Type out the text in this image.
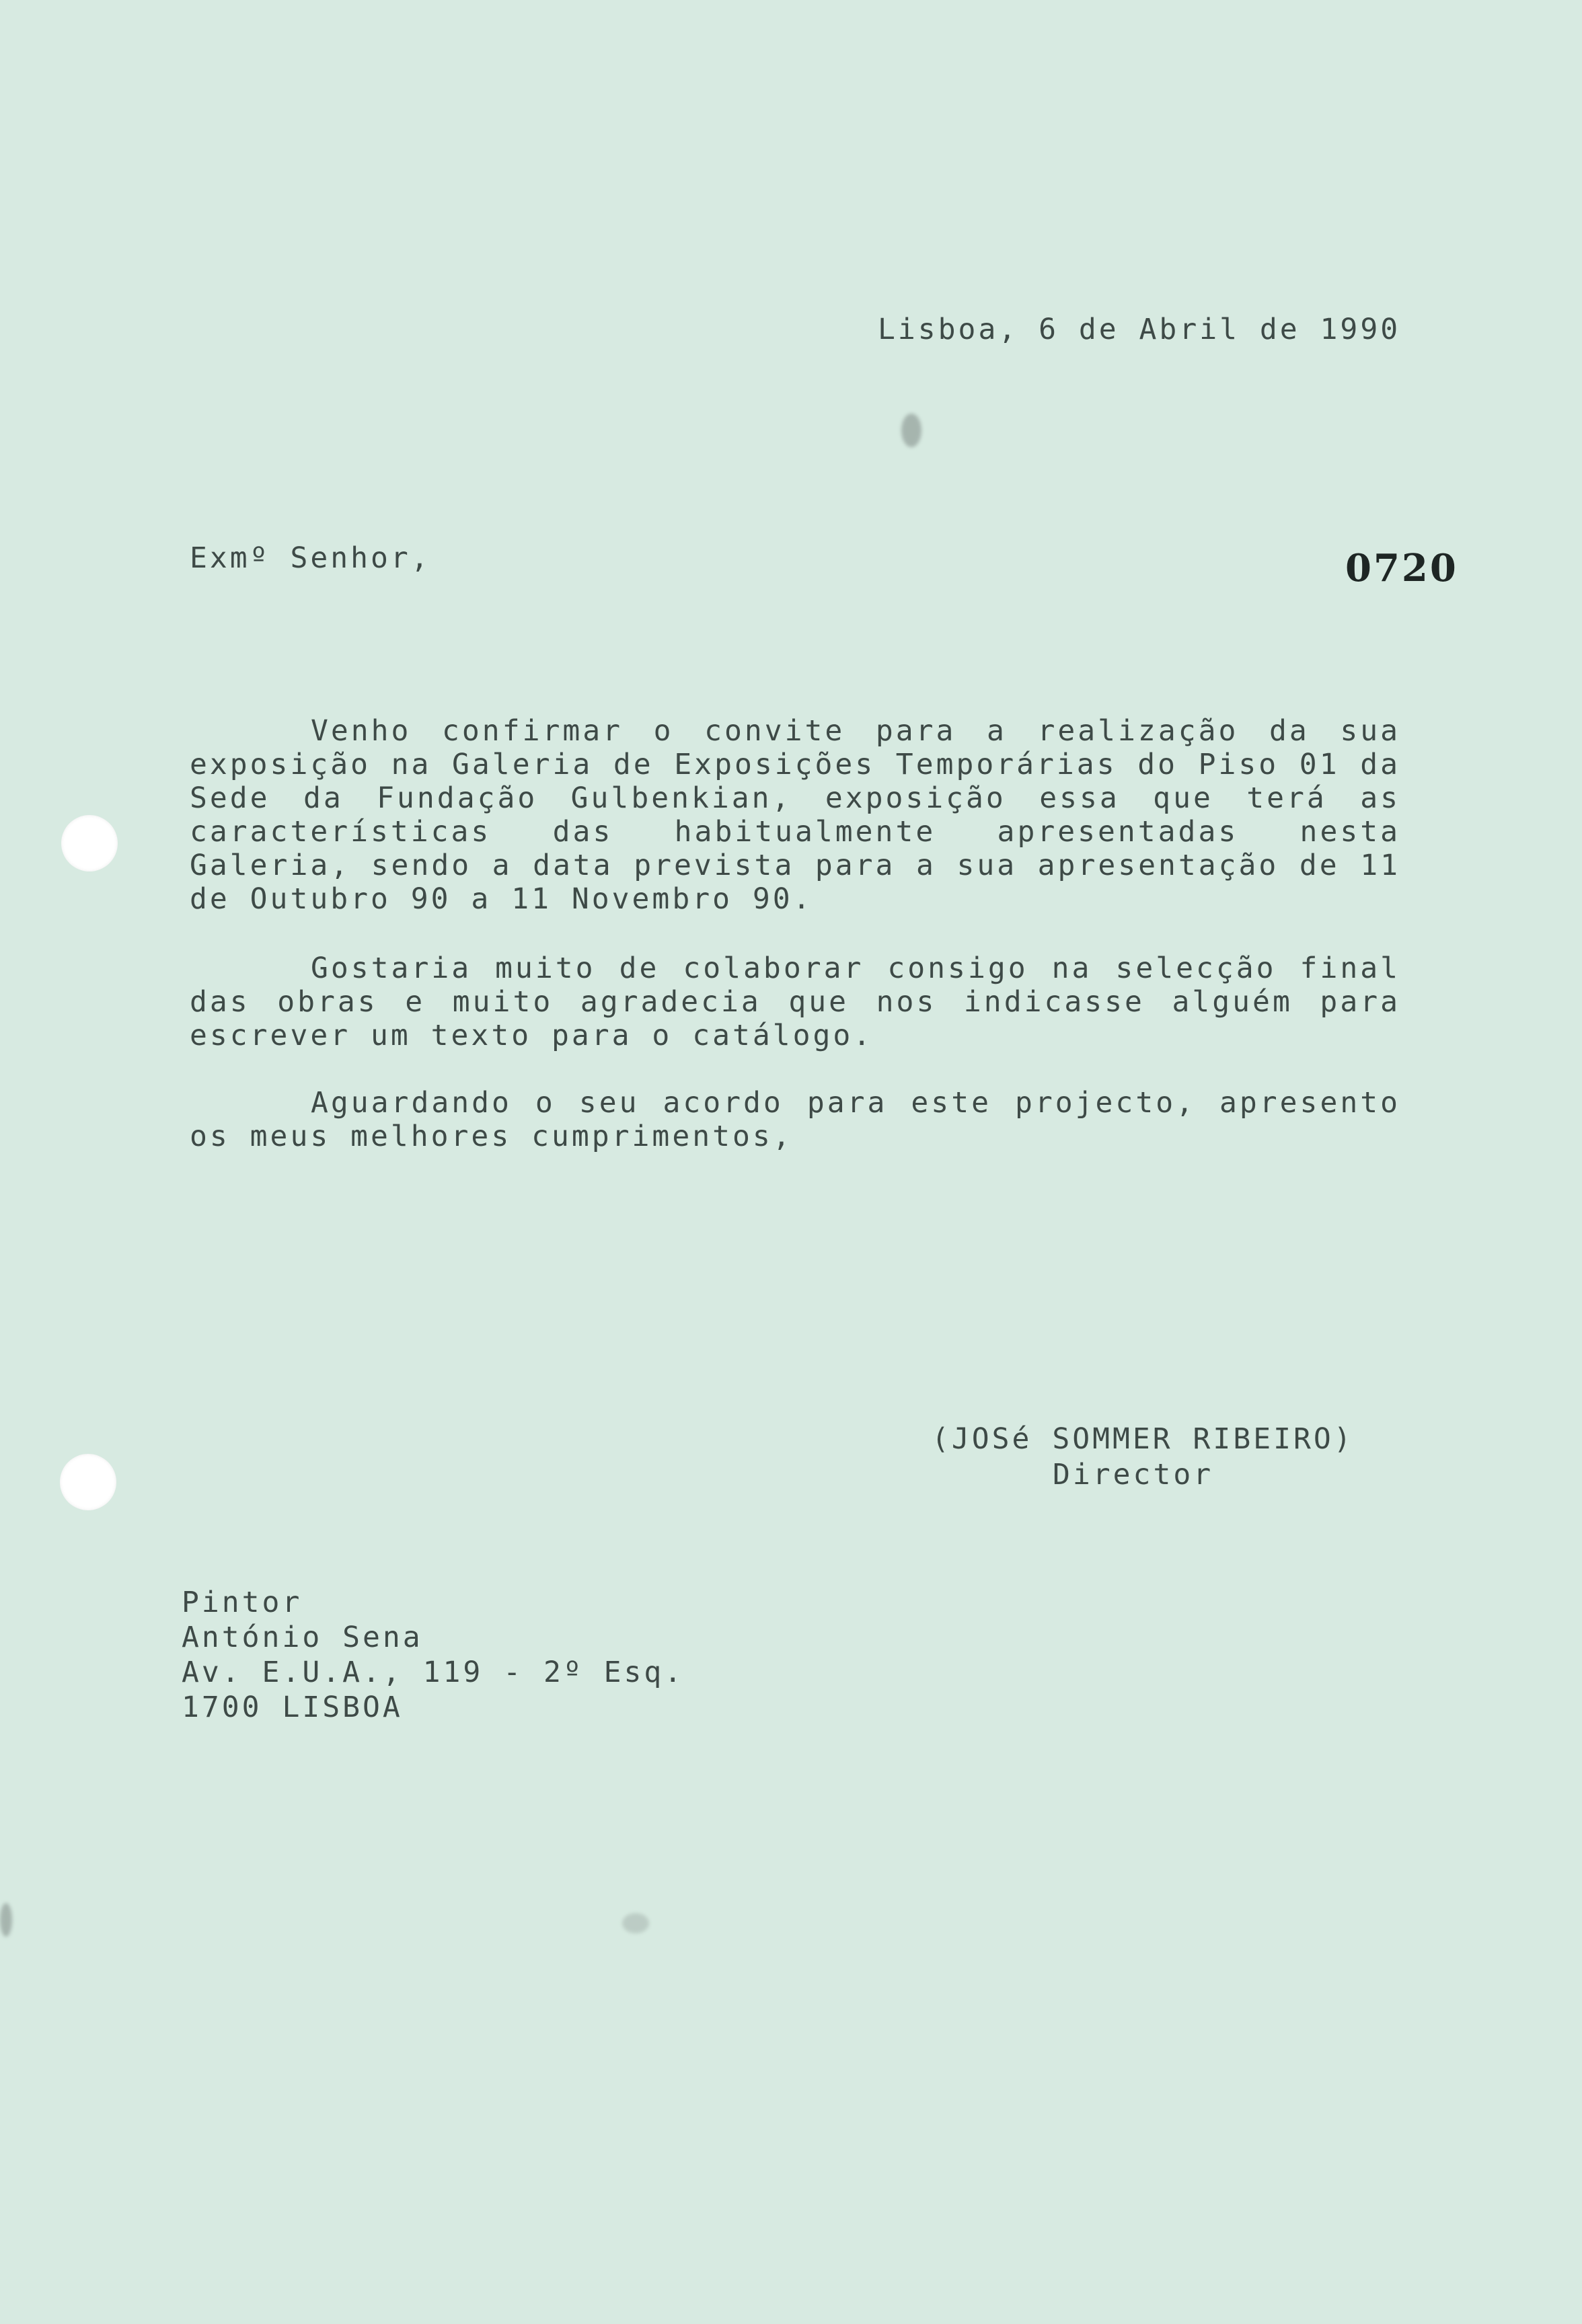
Lisboa, 6 de Abril de 1990
Exmº Senhor,	0720
Venho confirmar o convite para a realização da sua
exposição na Galeria de Exposições Temporárias do Piso 01 da
Sede da Fundação Gulbenkian, exposição essa que terá as
características das habitualmente apresentadas nesta
Galeria, sendo a data prevista para a sua apresentação de 11
de Outubro 90 a 11 Novembro 90.
Gostaria muito de colaborar consigo na selecção final
das obras e muito agradecia que nos indicasse alguém para
escrever um texto para o catálogo.
Aguardando o seu acordo para este projecto, apresento
os meus melhores cumprimentos,
(JOSé SOMMER RIBEIRO)
Director
Pintor
António Sena
Av. E.U.A., 119 - 2º Esq.
1700 LISBOA
